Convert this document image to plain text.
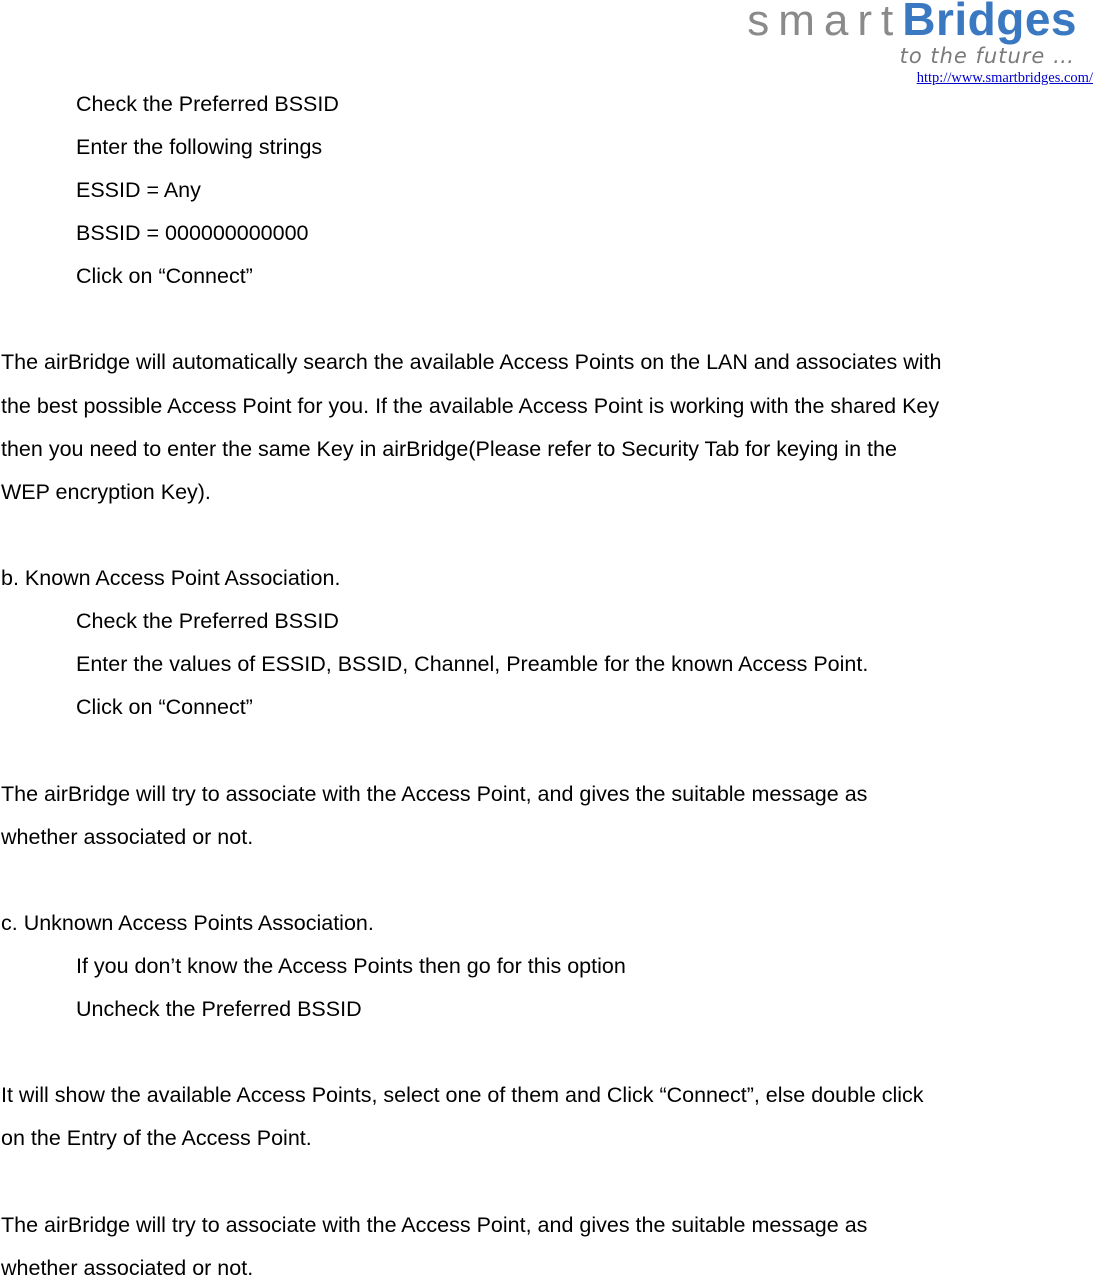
smartBridges
to the future …
http://www.smartbridges.com/
Check the Preferred BSSID
Enter the following strings
ESSID = Any
BSSID = 000000000000
Click on “Connect”
The airBridge will automatically search the available Access Points on the LAN and associates with
the best possible Access Point for you. If the available Access Point is working with the shared Key
then you need to enter the same Key in airBridge(Please refer to Security Tab for keying in the
WEP encryption Key).
b. Known Access Point Association.
Check the Preferred BSSID
Enter the values of ESSID, BSSID, Channel, Preamble for the known Access Point.
Click on “Connect”
The airBridge will try to associate with the Access Point, and gives the suitable message as
whether associated or not.
c. Unknown Access Points Association.
If you don’t know the Access Points then go for this option
Uncheck the Preferred BSSID
It will show the available Access Points, select one of them and Click “Connect”, else double click
on the Entry of the Access Point.
The airBridge will try to associate with the Access Point, and gives the suitable message as
whether associated or not.
